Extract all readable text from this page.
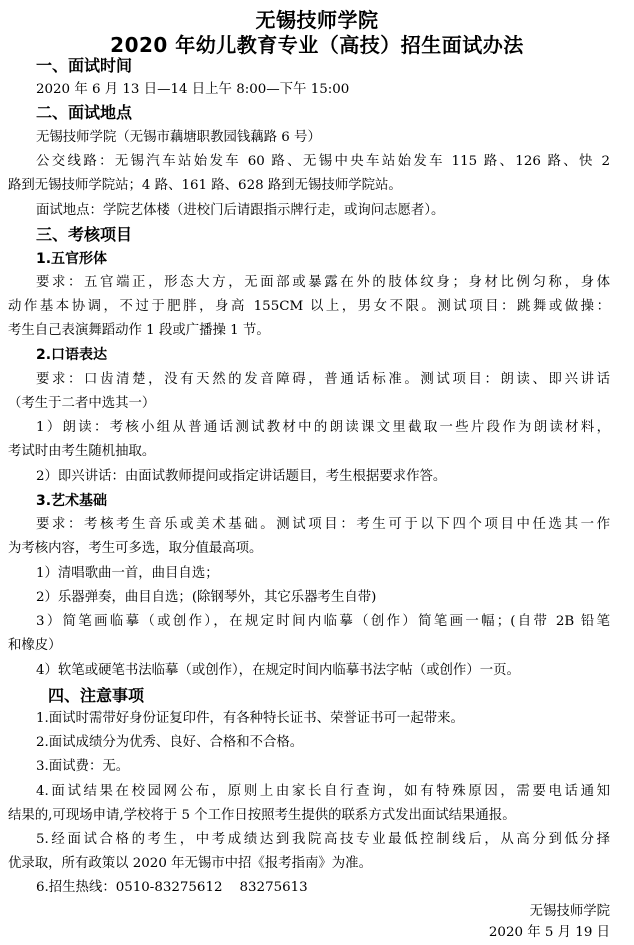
无锡技师学院
2020 年幼儿教育专业（高技）招生面试办法
一、面试时间
2020 年 6 月 13 日—14 日上午 8:00—下午 15:00
二、面试地点
无锡技师学院（无锡市藕塘职教园钱藕路 6 号）
公交线路：无锡汽车站始发车 60 路、无锡中央车站始发车 115 路、126 路、快 2
路到无锡技师学院站；4 路、161 路、628 路到无锡技师学院站。
面试地点：学院艺体楼（进校门后请跟指示牌行走，或询问志愿者）。
三、考核项目
1.五官形体
要求：五官端正，形态大方，无面部或暴露在外的肢体纹身；身材比例匀称，身体
动作基本协调，不过于肥胖，身高 155CM 以上，男女不限。测试项目：跳舞或做操：
考生自己表演舞蹈动作 1 段或广播操 1 节。
2.口语表达
要求：口齿清楚，没有天然的发音障碍，普通话标准。测试项目：朗读、即兴讲话
（考生于二者中选其一）
1）朗读：考核小组从普通话测试教材中的朗读课文里截取一些片段作为朗读材料，
考试时由考生随机抽取。
2）即兴讲话：由面试教师提问或指定讲话题目，考生根据要求作答。
3.艺术基础
要求：考核考生音乐或美术基础。测试项目：考生可于以下四个项目中任选其一作
为考核内容，考生可多选，取分值最高项。
1）清唱歌曲一首，曲目自选；
2）乐器弹奏，曲目自选；(除钢琴外，其它乐器考生自带)
3）简笔画临摹（或创作），在规定时间内临摹（创作）简笔画一幅；(自带 2B 铅笔
和橡皮）
4）软笔或硬笔书法临摹（或创作），在规定时间内临摹书法字帖（或创作）一页。
四、注意事项
1.面试时需带好身份证复印件，有各种特长证书、荣誉证书可一起带来。
2.面试成绩分为优秀、良好、合格和不合格。
3.面试费：无。
4.面试结果在校园网公布，原则上由家长自行查询，如有特殊原因，需要电话通知
结果的,可现场申请,学校将于 5 个工作日按照考生提供的联系方式发出面试结果通报。
5.经面试合格的考生，中考成绩达到我院高技专业最低控制线后，从高分到低分择
优录取，所有政策以 2020 年无锡市中招《报考指南》为准。
6.招生热线：0510-83275612    83275613
无锡技师学院
2020 年 5 月 19 日
